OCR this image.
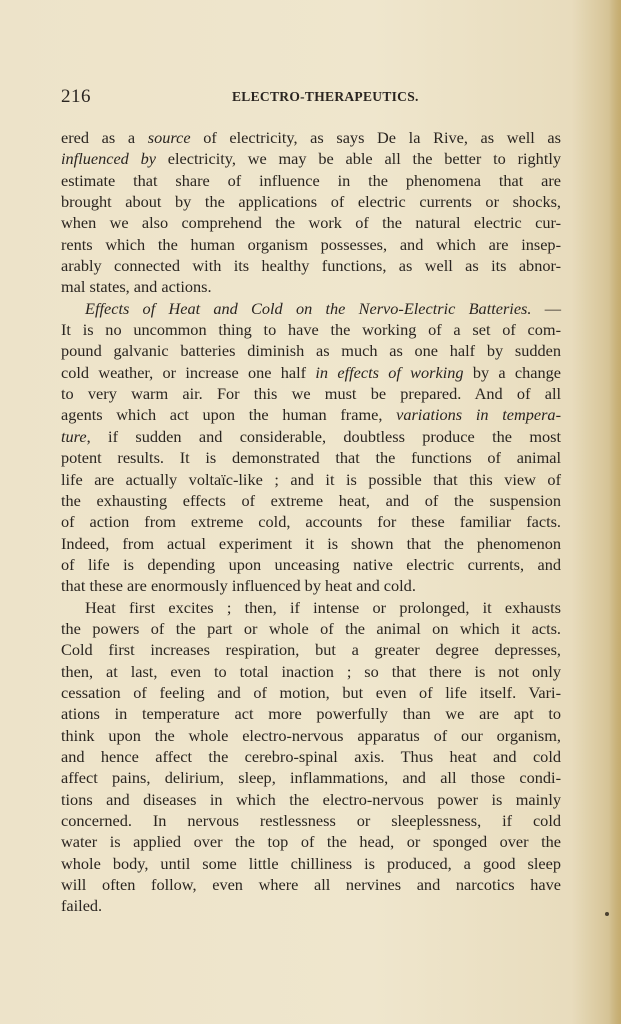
216	ELECTRO-THERAPEUTICS.

ered as a source of electricity, as says De la Rive, as well as
influenced by electricity, we may be able all the better to rightly
estimate that share of influence in the phenomena that are
brought about by the applications of electric currents or shocks,
when we also comprehend the work of the natural electric cur-
rents which the human organism possesses, and which are insep-
arably connected with its healthy functions, as well as its abnor-
mal states, and actions.

Effects of Heat and Cold on the Nervo-Electric Batteries. —
It is no uncommon thing to have the working of a set of com-
pound galvanic batteries diminish as much as one half by sudden
cold weather, or increase one half in effects of working by a change
to very warm air. For this we must be prepared. And of all
agents which act upon the human frame, variations in tempera-
ture, if sudden and considerable, doubtless produce the most
potent results. It is demonstrated that the functions of animal
life are actually voltaïc-like ; and it is possible that this view of
the exhausting effects of extreme heat, and of the suspension
of action from extreme cold, accounts for these familiar facts.
Indeed, from actual experiment it is shown that the phenomenon
of life is depending upon unceasing native electric currents, and
that these are enormously influenced by heat and cold.

Heat first excites ; then, if intense or prolonged, it exhausts
the powers of the part or whole of the animal on which it acts.
Cold first increases respiration, but a greater degree depresses,
then, at last, even to total inaction ; so that there is not only
cessation of feeling and of motion, but even of life itself. Vari-
ations in temperature act more powerfully than we are apt to
think upon the whole electro-nervous apparatus of our organism,
and hence affect the cerebro-spinal axis. Thus heat and cold
affect pains, delirium, sleep, inflammations, and all those condi-
tions and diseases in which the electro-nervous power is mainly
concerned. In nervous restlessness or sleeplessness, if cold
water is applied over the top of the head, or sponged over the
whole body, until some little chilliness is produced, a good sleep
will often follow, even where all nervines and narcotics have
failed.
